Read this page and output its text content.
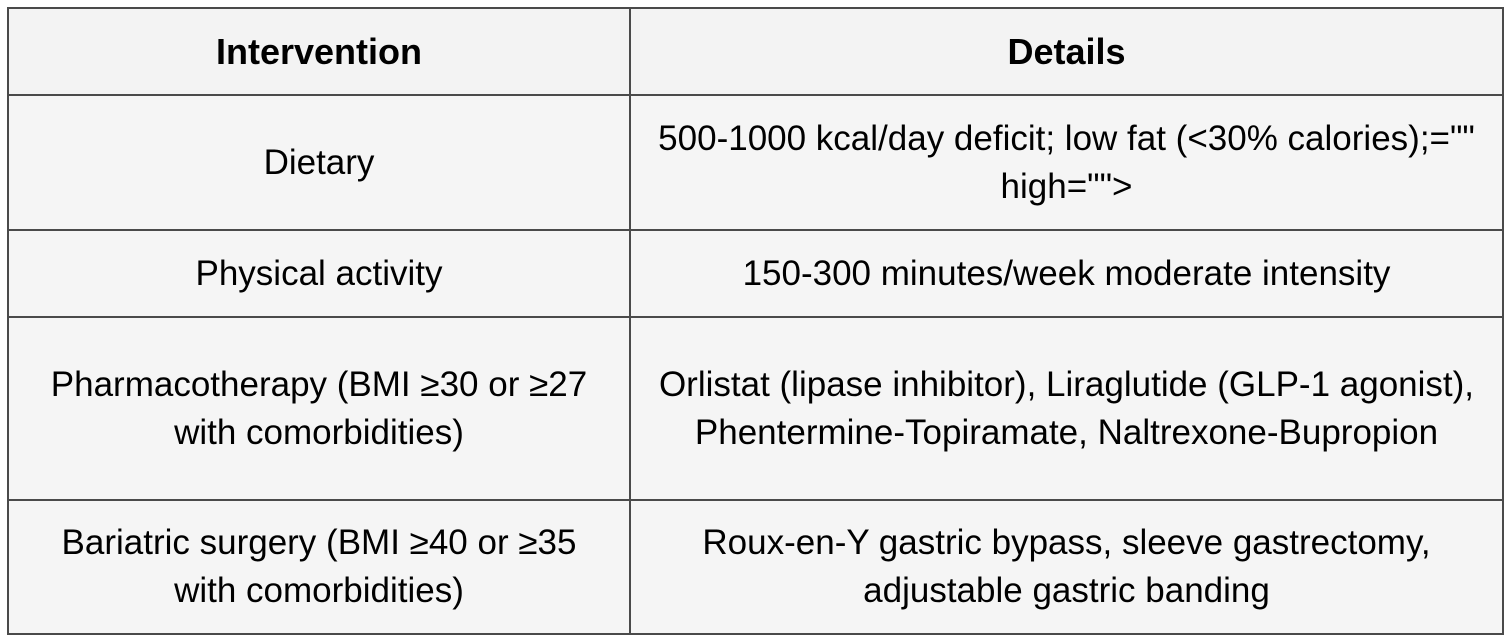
Intervention	Details
Dietary
500-1000 kcal/day deficit; low fat (<30% calories);="" high="">
Physical activity	150-300 minutes/week moderate intensity
Pharmacotherapy (BMI ≥30 or ≥27 with comorbidities)
Orlistat (lipase inhibitor), Liraglutide (GLP-1 agonist), Phentermine-Topiramate, Naltrexone-Bupropion
Bariatric surgery (BMI ≥40 or ≥35 with comorbidities)
Roux-en-Y gastric bypass, sleeve gastrectomy, adjustable gastric banding
